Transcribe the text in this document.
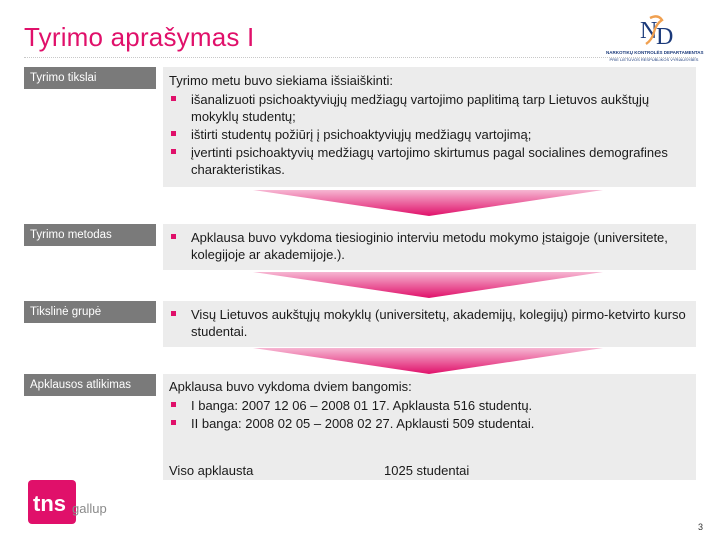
Tyrimo aprašymas I	N
D
NARKOTIKŲ KONTROLĖS DEPARTAMENTAS
PRIE LIETUVOS RESPUBLIKOS VYRIAUSYBĖS
Tyrimo tikslai	Tyrimo metu buvo siekiama išsiaiškinti:
išanalizuoti psichoaktyviųjų medžiagų vartojimo paplitimą tarp Lietuvos aukštųjų mokyklų studentų;
ištirti studentų požiūrį į psichoaktyviųjų medžiagų vartojimą;
įvertinti psichoaktyvių medžiagų vartojimo skirtumus pagal socialines demografines charakteristikas.
Tyrimo metodas	Apklausa buvo vykdoma tiesioginio interviu metodu mokymo įstaigoje (universitete, kolegijoje ar akademijoje.).
Tikslinė grupė	Visų Lietuvos aukštųjų mokyklų (universitetų, akademijų, kolegijų) pirmo-ketvirto kurso studentai.
Apklausos atlikimas	Apklausa buvo vykdoma dviem bangomis:
I banga: 2007 12 06 – 2008 01 17. Apklausta 516 studentų.
II banga: 2008 02 05 – 2008 02 27. Apklausti 509 studentai.
Viso apklausta	1025 studentai
tns gallup
3
